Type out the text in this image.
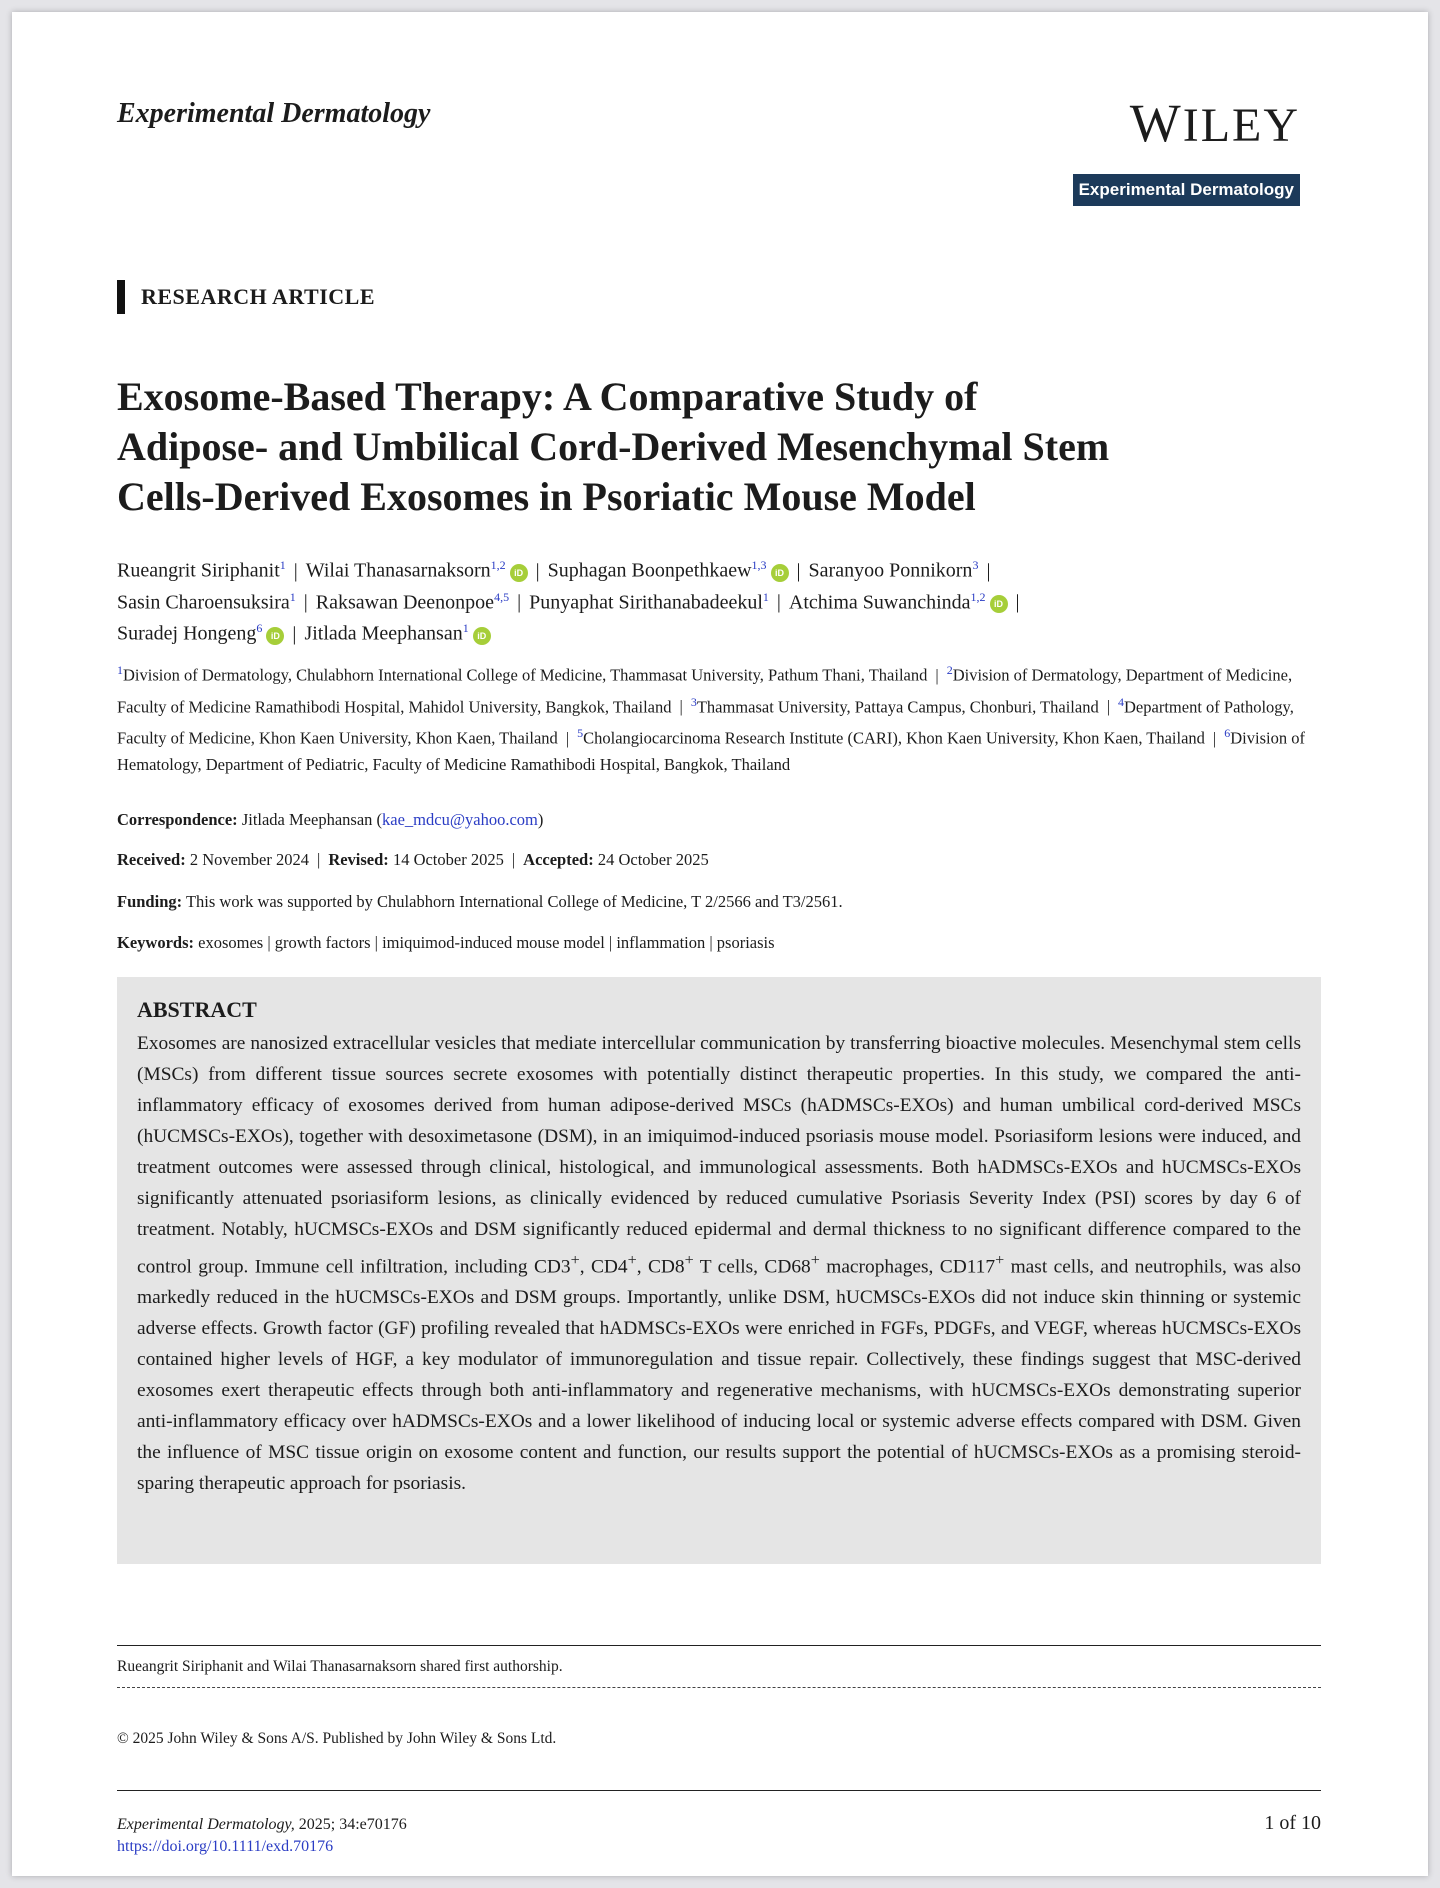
Experimental Dermatology	WILEY
Experimental Dermatology
RESEARCH ARTICLE
Exosome-Based Therapy: A Comparative Study of
Adipose- and Umbilical Cord-Derived Mesenchymal Stem
Cells-Derived Exosomes in Psoriatic Mouse Model
Rueangrit Siriphanit$^1$ | Wilai Thanasarnaksorn$^{1,2}$iD | Suphagan Boonpethkaew$^{1,3}$iD | Saranyoo Ponnikorn$^3$ |
Sasin Charoensuksira$^1$ | Raksawan Deenonpoe$^{4,5}$ | Punyaphat Sirithanabadeekul$^1$ | Atchima Suwanchinda$^{1,2}$iD |
Suradej Hongeng$^6$iD | Jitlada Meephansan$^1$iD
$^1$Division of Dermatology, Chulabhorn International College of Medicine, Thammasat University, Pathum Thani, Thailand | $^2$Division of Dermatology, Department of Medicine, Faculty of Medicine Ramathibodi Hospital, Mahidol University, Bangkok, Thailand | $^3$Thammasat University, Pattaya Campus, Chonburi, Thailand | $^4$Department of Pathology, Faculty of Medicine, Khon Kaen University, Khon Kaen, Thailand | $^5$Cholangiocarcinoma Research Institute (CARI), Khon Kaen University, Khon Kaen, Thailand | $^6$Division of Hematology, Department of Pediatric, Faculty of Medicine Ramathibodi Hospital, Bangkok, Thailand
Correspondence: Jitlada Meephansan (kae_mdcu@yahoo.com)
Received: 2 November 2024 | Revised: 14 October 2025 | Accepted: 24 October 2025
Funding: This work was supported by Chulabhorn International College of Medicine, T 2/2566 and T3/2561.
Keywords: exosomes | growth factors | imiquimod-induced mouse model | inflammation | psoriasis
ABSTRACT
Exosomes are nanosized extracellular vesicles that mediate intercellular communication by transferring bioactive molecules. Mesenchymal stem cells (MSCs) from different tissue sources secrete exosomes with potentially distinct therapeutic properties. In this study, we compared the anti-inflammatory efficacy of exosomes derived from human adipose-derived MSCs (hADMSCs-EXOs) and human umbilical cord-derived MSCs (hUCMSCs-EXOs), together with desoximetasone (DSM), in an imiquimod-induced psoriasis mouse model. Psoriasiform lesions were induced, and treatment outcomes were assessed through clinical, histological, and immunological assessments. Both hADMSCs-EXOs and hUCMSCs-EXOs significantly attenuated psoriasiform lesions, as clinically evidenced by reduced cumulative Psoriasis Severity Index (PSI) scores by day 6 of treatment. Notably, hUCMSCs-EXOs and DSM significantly reduced epidermal and dermal thickness to no significant difference compared to the control group. Immune cell infiltration, including CD3+, CD4+, CD8+ T cells, CD68+ macrophages, CD117+ mast cells, and neutrophils, was also markedly reduced in the hUCMSCs-EXOs and DSM groups. Importantly, unlike DSM, hUCMSCs-EXOs did not induce skin thinning or systemic adverse effects. Growth factor (GF) profiling revealed that hADMSCs-EXOs were enriched in FGFs, PDGFs, and VEGF, whereas hUCMSCs-EXOs contained higher levels of HGF, a key modulator of immunoregulation and tissue repair. Collectively, these findings suggest that MSC-derived exosomes exert therapeutic effects through both anti-inflammatory and regenerative mechanisms, with hUCMSCs-EXOs demonstrating superior anti-inflammatory efficacy over hADMSCs-EXOs and a lower likelihood of inducing local or systemic adverse effects compared with DSM. Given the influence of MSC tissue origin on exosome content and function, our results support the potential of hUCMSCs-EXOs as a promising steroid-sparing therapeutic approach for psoriasis.
Rueangrit Siriphanit and Wilai Thanasarnaksorn shared first authorship.
© 2025 John Wiley & Sons A/S. Published by John Wiley & Sons Ltd.
Experimental Dermatology, 2025; 34:e70176
https://doi.org/10.1111/exd.70176
1 of 10
